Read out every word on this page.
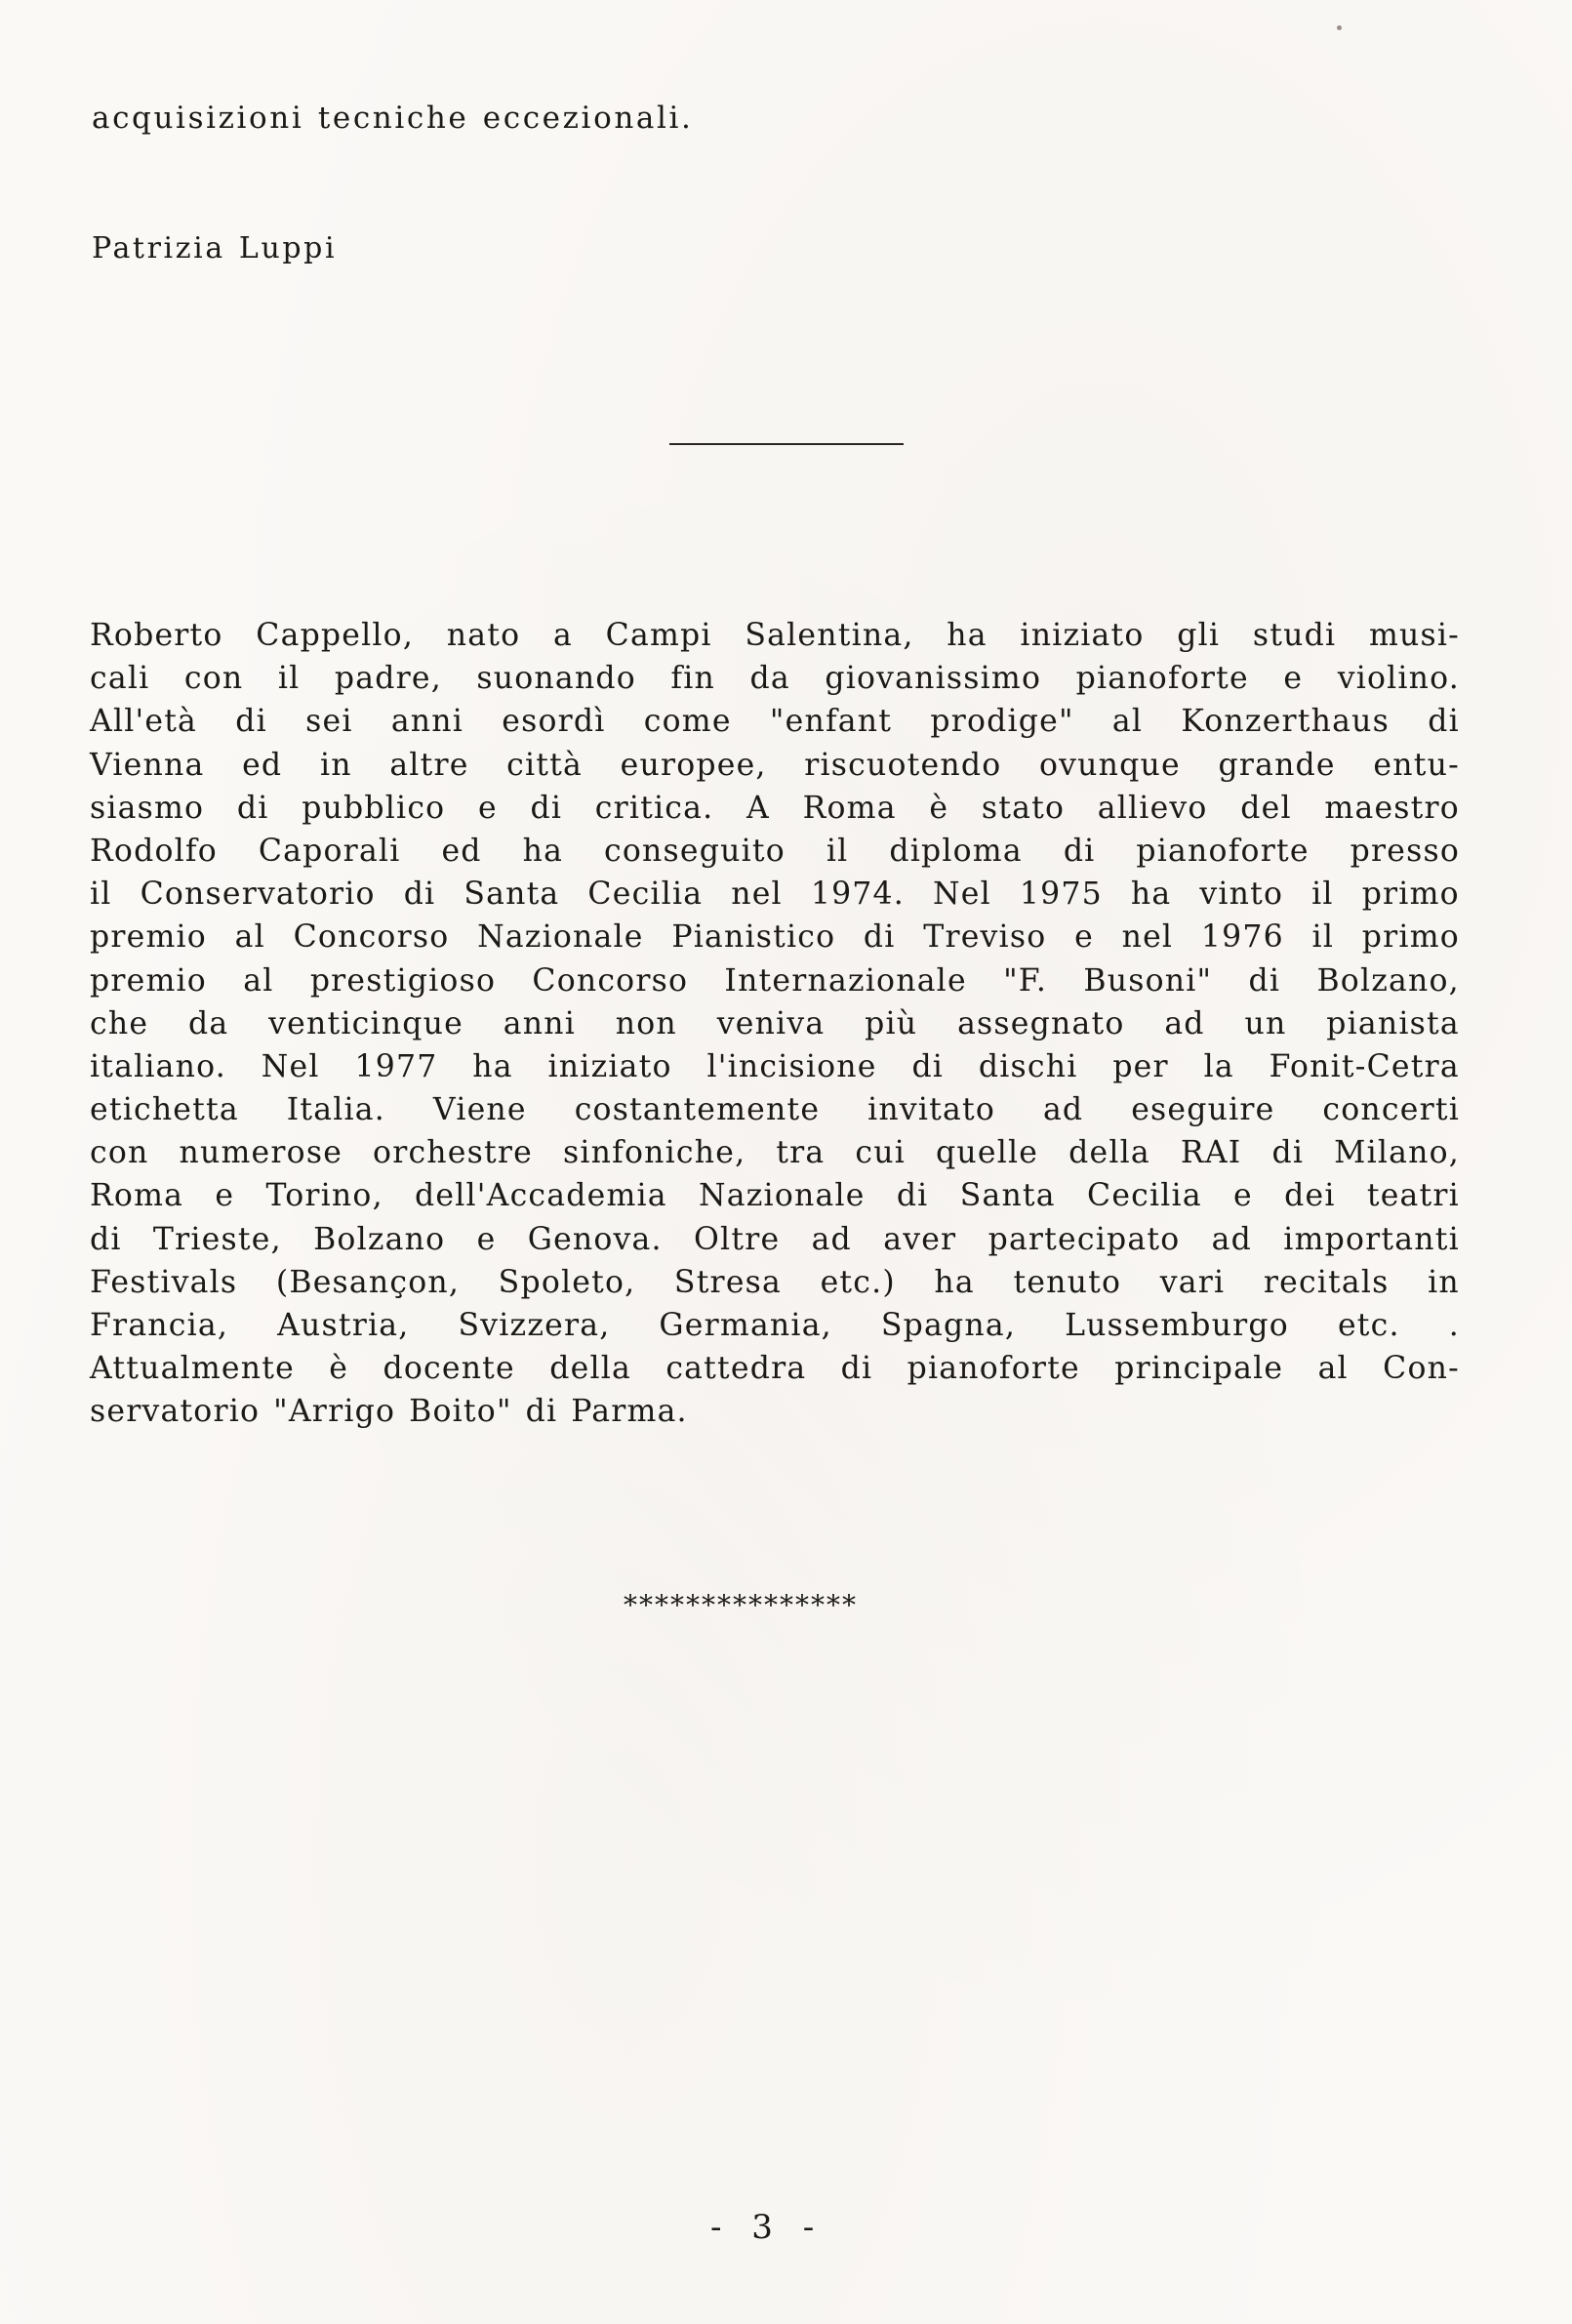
acquisizioni tecniche eccezionali.
Patrizia Luppi
Roberto Cappello, nato a Campi Salentina, ha iniziato gli studi musi-
cali con il padre, suonando fin da giovanissimo pianoforte e violino.
All'età di sei anni esordì come "enfant prodige" al Konzerthaus di
Vienna ed in altre città europee, riscuotendo ovunque grande entu-
siasmo di pubblico e di critica. A Roma è stato allievo del maestro
Rodolfo Caporali ed ha conseguito il diploma di pianoforte presso
il Conservatorio di Santa Cecilia nel 1974. Nel 1975 ha vinto il primo
premio al Concorso Nazionale Pianistico di Treviso e nel 1976 il primo
premio al prestigioso Concorso Internazionale "F. Busoni" di Bolzano,
che da venticinque anni non veniva più assegnato ad un pianista
italiano. Nel 1977 ha iniziato l'incisione di dischi per la Fonit-Cetra
etichetta Italia. Viene costantemente invitato ad eseguire concerti
con numerose orchestre sinfoniche, tra cui quelle della RAI di Milano,
Roma e Torino, dell'Accademia Nazionale di Santa Cecilia e dei teatri
di Trieste, Bolzano e Genova. Oltre ad aver partecipato ad importanti
Festivals (Besançon, Spoleto, Stresa etc.) ha tenuto vari recitals in
Francia, Austria, Svizzera, Germania, Spagna, Lussemburgo etc. .
Attualmente è docente della cattedra di pianoforte principale al Con-
servatorio "Arrigo Boito" di Parma.
***************
- 3 -
